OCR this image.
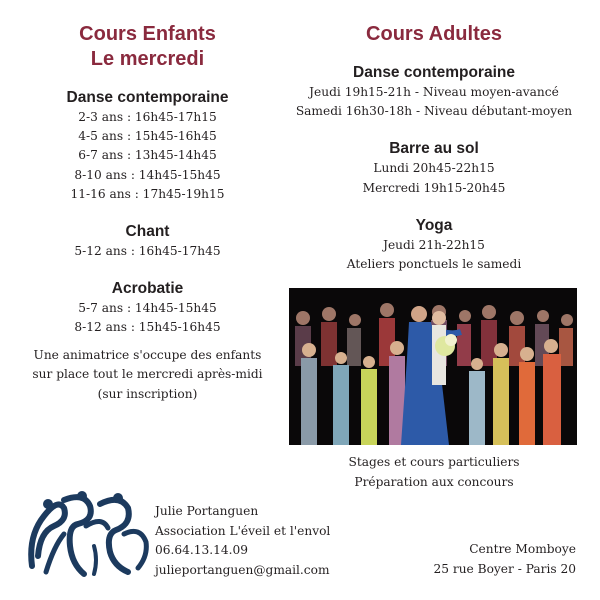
Cours Enfants
Le mercredi
Danse contemporaine
2-3 ans : 16h45-17h15
4-5 ans : 15h45-16h45
6-7 ans : 13h45-14h45
8-10 ans : 14h45-15h45
11-16 ans : 17h45-19h15
Chant
5-12 ans : 16h45-17h45
Acrobatie
5-7 ans : 14h45-15h45
8-12 ans : 15h45-16h45
Une animatrice s'occupe des enfants
sur place tout le mercredi après-midi
(sur inscription)
Cours Adultes
Danse contemporaine
Jeudi 19h15-21h - Niveau moyen-avancé
Samedi 16h30-18h - Niveau débutant-moyen
Barre au sol
Lundi 20h45-22h15
Mercredi 19h15-20h45
Yoga
Jeudi 21h-22h15
Ateliers ponctuels le samedi
Stages et cours particuliers
Préparation aux concours
Julie Portanguen
Association L'éveil et l'envol
06.64.13.14.09
julieportanguen@gmail.com
Centre Momboye
25 rue Boyer - Paris 20
